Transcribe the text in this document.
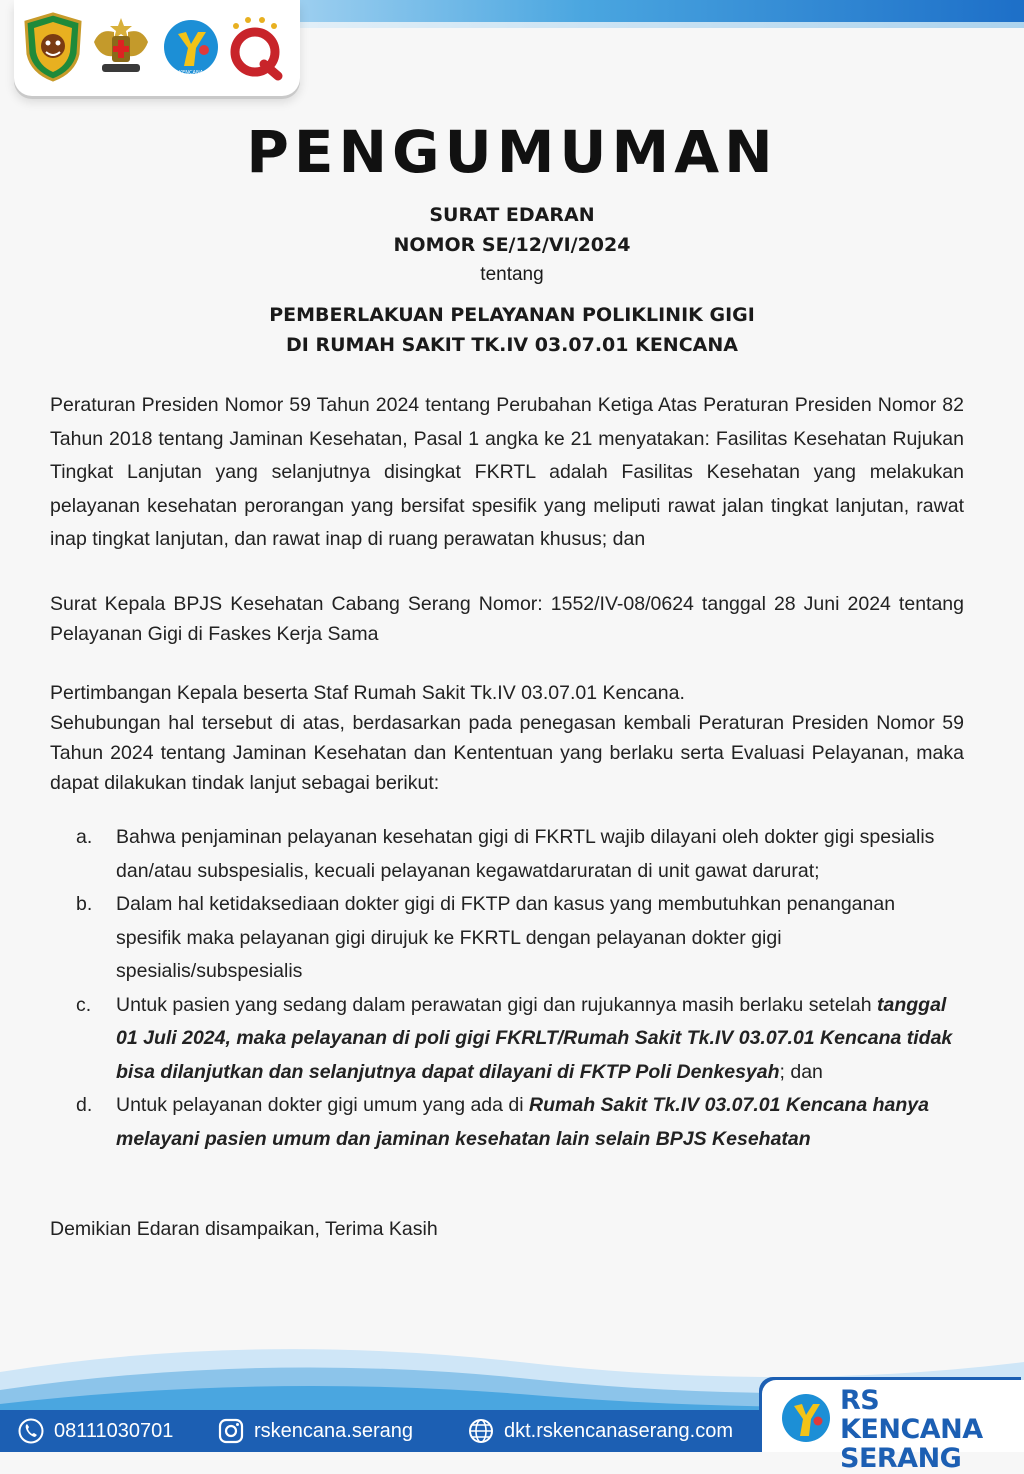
KENCANA
PENGUMUMAN
SURAT EDARAN
NOMOR SE/12/VI/2024
tentang
PEMBERLAKUAN PELAYANAN POLIKLINIK GIGI
DI RUMAH SAKIT TK.IV 03.07.01 KENCANA

Peraturan Presiden Nomor 59 Tahun 2024 tentang Perubahan Ketiga Atas Peraturan Presiden Nomor 82 Tahun 2018 tentang Jaminan Kesehatan, Pasal 1 angka ke 21 menyatakan: Fasilitas Kesehatan Rujukan Tingkat Lanjutan yang selanjutnya disingkat FKRTL adalah Fasilitas Kesehatan yang melakukan pelayanan kesehatan perorangan yang bersifat spesifik yang meliputi rawat jalan tingkat lanjutan, rawat inap tingkat lanjutan, dan rawat inap di ruang perawatan khusus; dan

Surat Kepala BPJS Kesehatan Cabang Serang Nomor: 1552/IV-08/0624 tanggal 28 Juni 2024 tentang Pelayanan Gigi di Faskes Kerja Sama

Pertimbangan Kepala beserta Staf Rumah Sakit Tk.IV 03.07.01 Kencana.

Sehubungan hal tersebut di atas, berdasarkan pada penegasan kembali Peraturan Presiden Nomor 59 Tahun 2024 tentang Jaminan Kesehatan dan Kententuan yang berlaku serta Evaluasi Pelayanan, maka dapat dilakukan tindak lanjut sebagai berikut:

a. Bahwa penjaminan pelayanan kesehatan gigi di FKRTL wajib dilayani oleh dokter gigi spesialis dan/atau subspesialis, kecuali pelayanan kegawatdaruratan di unit gawat darurat;
b. Dalam hal ketidaksediaan dokter gigi di FKTP dan kasus yang membutuhkan penanganan spesifik maka pelayanan gigi dirujuk ke FKRTL dengan pelayanan dokter gigi spesialis/subspesialis
c. Untuk pasien yang sedang dalam perawatan gigi dan rujukannya masih berlaku setelah tanggal 01 Juli 2024, maka pelayanan di poli gigi FKRLT/Rumah Sakit Tk.IV 03.07.01 Kencana tidak bisa dilanjutkan dan selanjutnya dapat dilayani di FKTP Poli Denkesyah; dan
d. Untuk pelayanan dokter gigi umum yang ada di Rumah Sakit Tk.IV 03.07.01 Kencana hanya melayani pasien umum dan jaminan kesehatan lain selain BPJS Kesehatan

Demikian Edaran disampaikan, Terima Kasih

08111030701	rskencana.serang	dkt.rskencanaserang.com
RS KENCANA
SERANG
